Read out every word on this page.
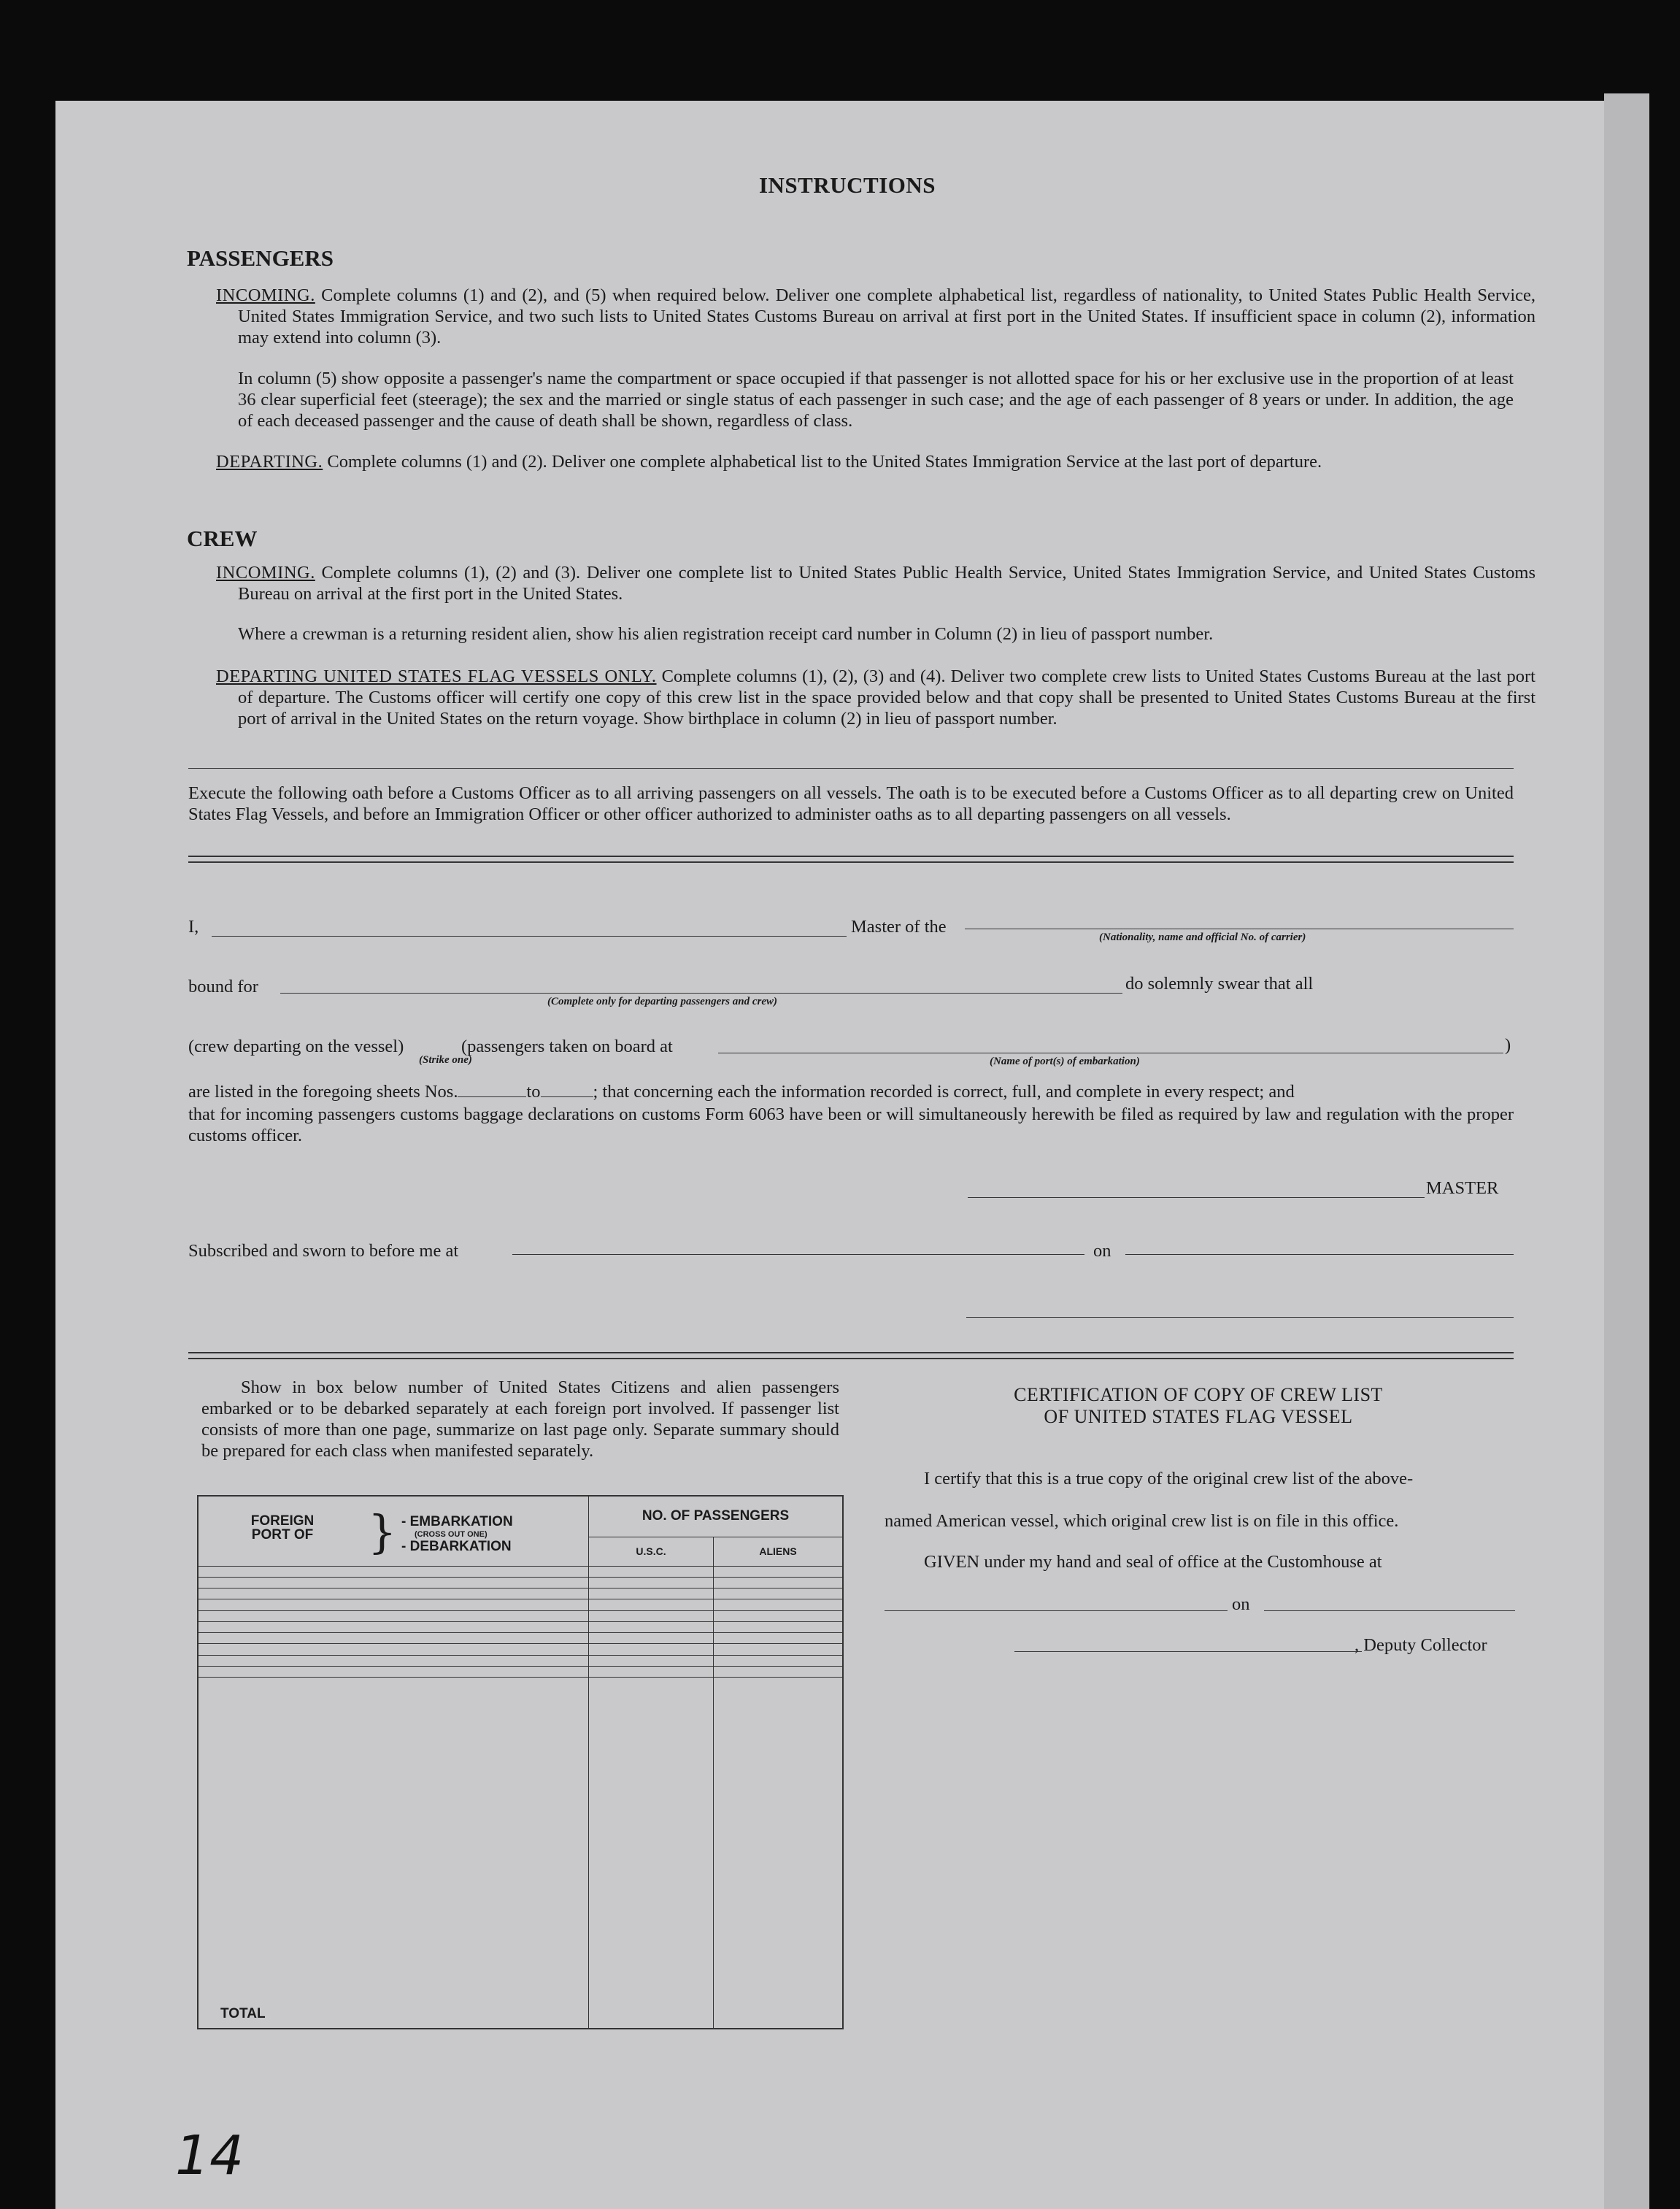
INSTRUCTIONS
PASSENGERS
INCOMING. Complete columns (1) and (2), and (5) when required below. Deliver one complete alphabetical list, regardless of nationality, to United States Public Health Service, United States Immigration Service, and two such lists to United States Customs Bureau on arrival at first port in the United States. If insufficient space in column (2), information may extend into column (3).
In column (5) show opposite a passenger's name the compartment or space occupied if that passenger is not allotted space for his or her exclusive use in the proportion of at least 36 clear superficial feet (steerage); the sex and the married or single status of each passenger in such case; and the age of each passenger of 8 years or under. In addition, the age of each deceased passenger and the cause of death shall be shown, regardless of class.
DEPARTING. Complete columns (1) and (2). Deliver one complete alphabetical list to the United States Immigration Service at the last port of departure.
CREW
INCOMING. Complete columns (1), (2) and (3). Deliver one complete list to United States Public Health Service, United States Immigration Service, and United States Customs Bureau on arrival at the first port in the United States.
Where a crewman is a returning resident alien, show his alien registration receipt card number in Column (2) in lieu of passport number.
DEPARTING UNITED STATES FLAG VESSELS ONLY. Complete columns (1), (2), (3) and (4). Deliver two complete crew lists to United States Customs Bureau at the last port of departure. The Customs officer will certify one copy of this crew list in the space provided below and that copy shall be presented to United States Customs Bureau at the first port of arrival in the United States on the return voyage. Show birthplace in column (2) in lieu of passport number.
Execute the following oath before a Customs Officer as to all arriving passengers on all vessels. The oath is to be executed before a Customs Officer as to all departing crew on United States Flag Vessels, and before an Immigration Officer or other officer authorized to administer oaths as to all departing passengers on all vessels.
I,	Master of the
(Nationality, name and official No. of carrier)
bound for
(Complete only for departing passengers and crew)
do solemnly swear that all
(crew departing on the vessel)
(Strike one)
(passengers taken on board at	)
(Name of port(s) of embarkation)
are listed in the foregoing sheets Nos.	to	; that concerning each the information recorded is correct, full, and complete in every respect; and
that for incoming passengers customs baggage declarations on customs Form 6063 have been or will simultaneously herewith be filed as required by law and regulation with the proper customs officer.
MASTER
Subscribed and sworn to before me at	on
Show in box below number of United States Citizens and alien passengers embarked or to be debarked separately at each foreign port involved. If passenger list consists of more than one page, summarize on last page only. Separate summary should be prepared for each class when manifested separately.
FOREIGN PORT OF } - EMBARKATION
(CROSS OUT ONE)
- DEBARKATION	NO. OF PASSENGERS	
	U.S.C.	ALIENS

TOTAL		
CERTIFICATION OF COPY OF CREW LIST
OF UNITED STATES FLAG VESSEL
I certify that this is a true copy of the original crew list of the above-
named American vessel, which original crew list is on file in this office.
GIVEN under my hand and seal of office at the Customhouse at
on
, Deputy Collector
14
